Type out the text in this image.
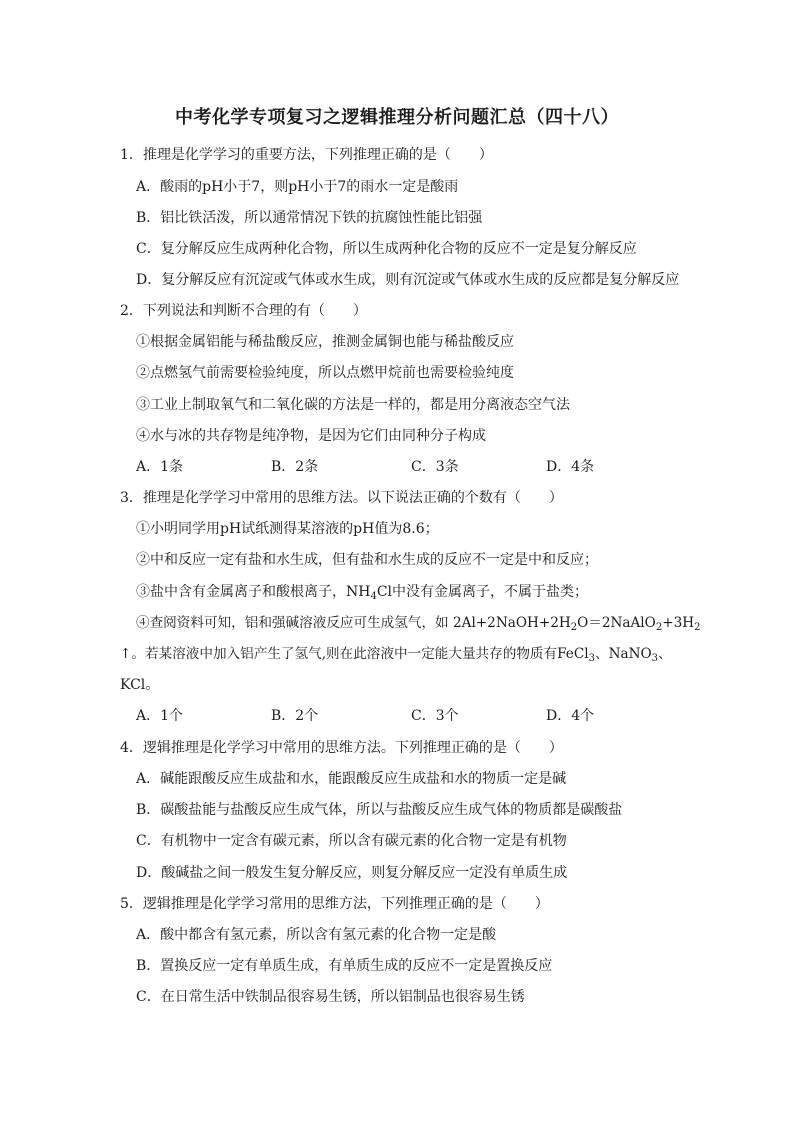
中考化学专项复习之逻辑推理分析问题汇总（四十八）
1．推理是化学学习的重要方法，下列推理正确的是（　　）
A．酸雨的pH小于7，则pH小于7的雨水一定是酸雨
B．铝比铁活泼，所以通常情况下铁的抗腐蚀性能比铝强
C．复分解反应生成两种化合物，所以生成两种化合物的反应不一定是复分解反应
D．复分解反应有沉淀或气体或水生成，则有沉淀或气体或水生成的反应都是复分解反应
2．下列说法和判断不合理的有（　　）
①根据金属铝能与稀盐酸反应，推测金属铜也能与稀盐酸反应
②点燃氢气前需要检验纯度，所以点燃甲烷前也需要检验纯度
③工业上制取氧气和二氧化碳的方法是一样的，都是用分离液态空气法
④水与冰的共存物是纯净物，是因为它们由同种分子构成
A．1条	B．2条	C．3条	D．4条
3．推理是化学学习中常用的思维方法。以下说法正确的个数有（　　）
①小明同学用pH试纸测得某溶液的pH值为8.6；
②中和反应一定有盐和水生成，但有盐和水生成的反应不一定是中和反应；
③盐中含有金属离子和酸根离子，$NH_4Cl$中没有金属离子，不属于盐类；
④查阅资料可知，铝和强碱溶液反应可生成氢气，如 $2Al+2NaOH+2H_2O=2NaAlO_2+3H_2$
↑。若某溶液中加入铝产生了氢气,则在此溶液中一定能大量共存的物质有FeCl$_3$、NaNO$_3$、
KCl。
A．1个	B．2个	C．3个	D．4个
4．逻辑推理是化学学习中常用的思维方法。下列推理正确的是（　　）
A．碱能跟酸反应生成盐和水，能跟酸反应生成盐和水的物质一定是碱
B．碳酸盐能与盐酸反应生成气体，所以与盐酸反应生成气体的物质都是碳酸盐
C．有机物中一定含有碳元素，所以含有碳元素的化合物一定是有机物
D．酸碱盐之间一般发生复分解反应，则复分解反应一定没有单质生成
5．逻辑推理是化学学习常用的思维方法，下列推理正确的是（　　）
A．酸中都含有氢元素，所以含有氢元素的化合物一定是酸
B．置换反应一定有单质生成，有单质生成的反应不一定是置换反应
C．在日常生活中铁制品很容易生锈，所以铝制品也很容易生锈
